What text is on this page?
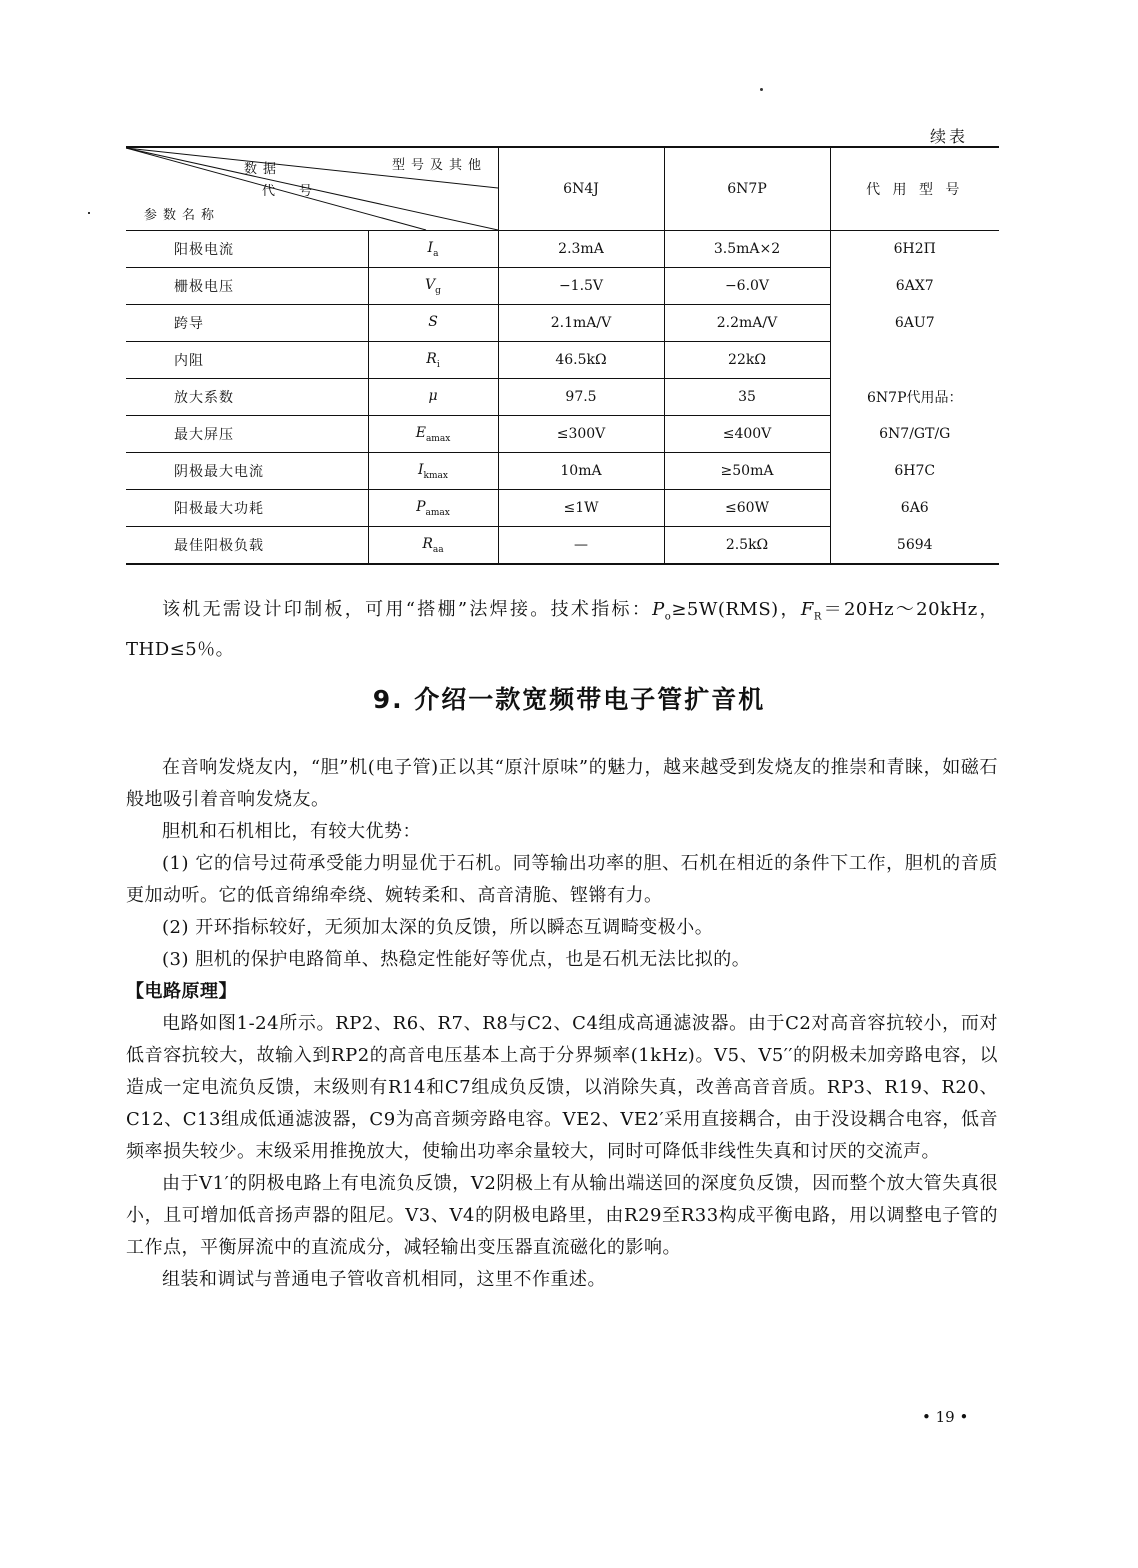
续表
数据 型号及其他
代号
参数名称		6N4J	6N7P	代 用 型 号
阳极电流	$I_a$	2.3mA	3.5mA×2	6H2П
栅极电压	$V_g$	−1.5V	−6.0V	6AX7
跨导	S	2.1mA/V	2.2mA/V	6AU7
内阻	$R_i$	46.5kΩ	22kΩ	
放大系数	μ	97.5	35	6N7P代用品：
最大屏压	$E_{amax}$	≤300V	≤400V	6N7/GT/G
阴极最大电流	$I_{kmax}$	10mA	≥50mA	6H7C
阳极最大功耗	$P_{amax}$	≤1W	≤60W	6A6
最佳阳极负载	$R_{aa}$	—	2.5kΩ	5694

该机无需设计印制板，可用“搭棚”法焊接。技术指标：$P_o\ge 5W(RMS)$，$F_R=20Hz\sim 20kHz$，THD≤5％。

9. 介绍一款宽频带电子管扩音机

在音响发烧友内，“胆”机(电子管)正以其“原汁原味”的魅力，越来越受到发烧友的推崇和青睐，如磁石般地吸引着音响发烧友。

胆机和石机相比，有较大优势：

(1) 它的信号过荷承受能力明显优于石机。同等输出功率的胆、石机在相近的条件下工作，胆机的音质更加动听。它的低音绵绵牵绕、婉转柔和、高音清脆、铿锵有力。

(2) 开环指标较好，无须加太深的负反馈，所以瞬态互调畸变极小。

(3) 胆机的保护电路简单、热稳定性能好等优点，也是石机无法比拟的。

【电路原理】

电路如图1-24所示。RP2、R6、R7、R8与C2、C4组成高通滤波器。由于C2对高音容抗较小，而对低音容抗较大，故输入到RP2的高音电压基本上高于分界频率(1kHz)。V5、V5′′的阴极未加旁路电容，以造成一定电流负反馈，末级则有R14和C7组成负反馈，以消除失真，改善高音音质。RP3、R19、R20、C12、C13组成低通滤波器，C9为高音频旁路电容。VE2、VE2′采用直接耦合，由于没设耦合电容，低音频率损失较少。末级采用推挽放大，使输出功率余量较大，同时可降低非线性失真和讨厌的交流声。

由于V1′的阴极电路上有电流负反馈，V2阴极上有从输出端送回的深度负反馈，因而整个放大管失真很小，且可增加低音扬声器的阻尼。V3、V4的阴极电路里，由R29至R33构成平衡电路，用以调整电子管的工作点，平衡屏流中的直流成分，减轻输出变压器直流磁化的影响。

组装和调试与普通电子管收音机相同，这里不作重述。

• 19 •
